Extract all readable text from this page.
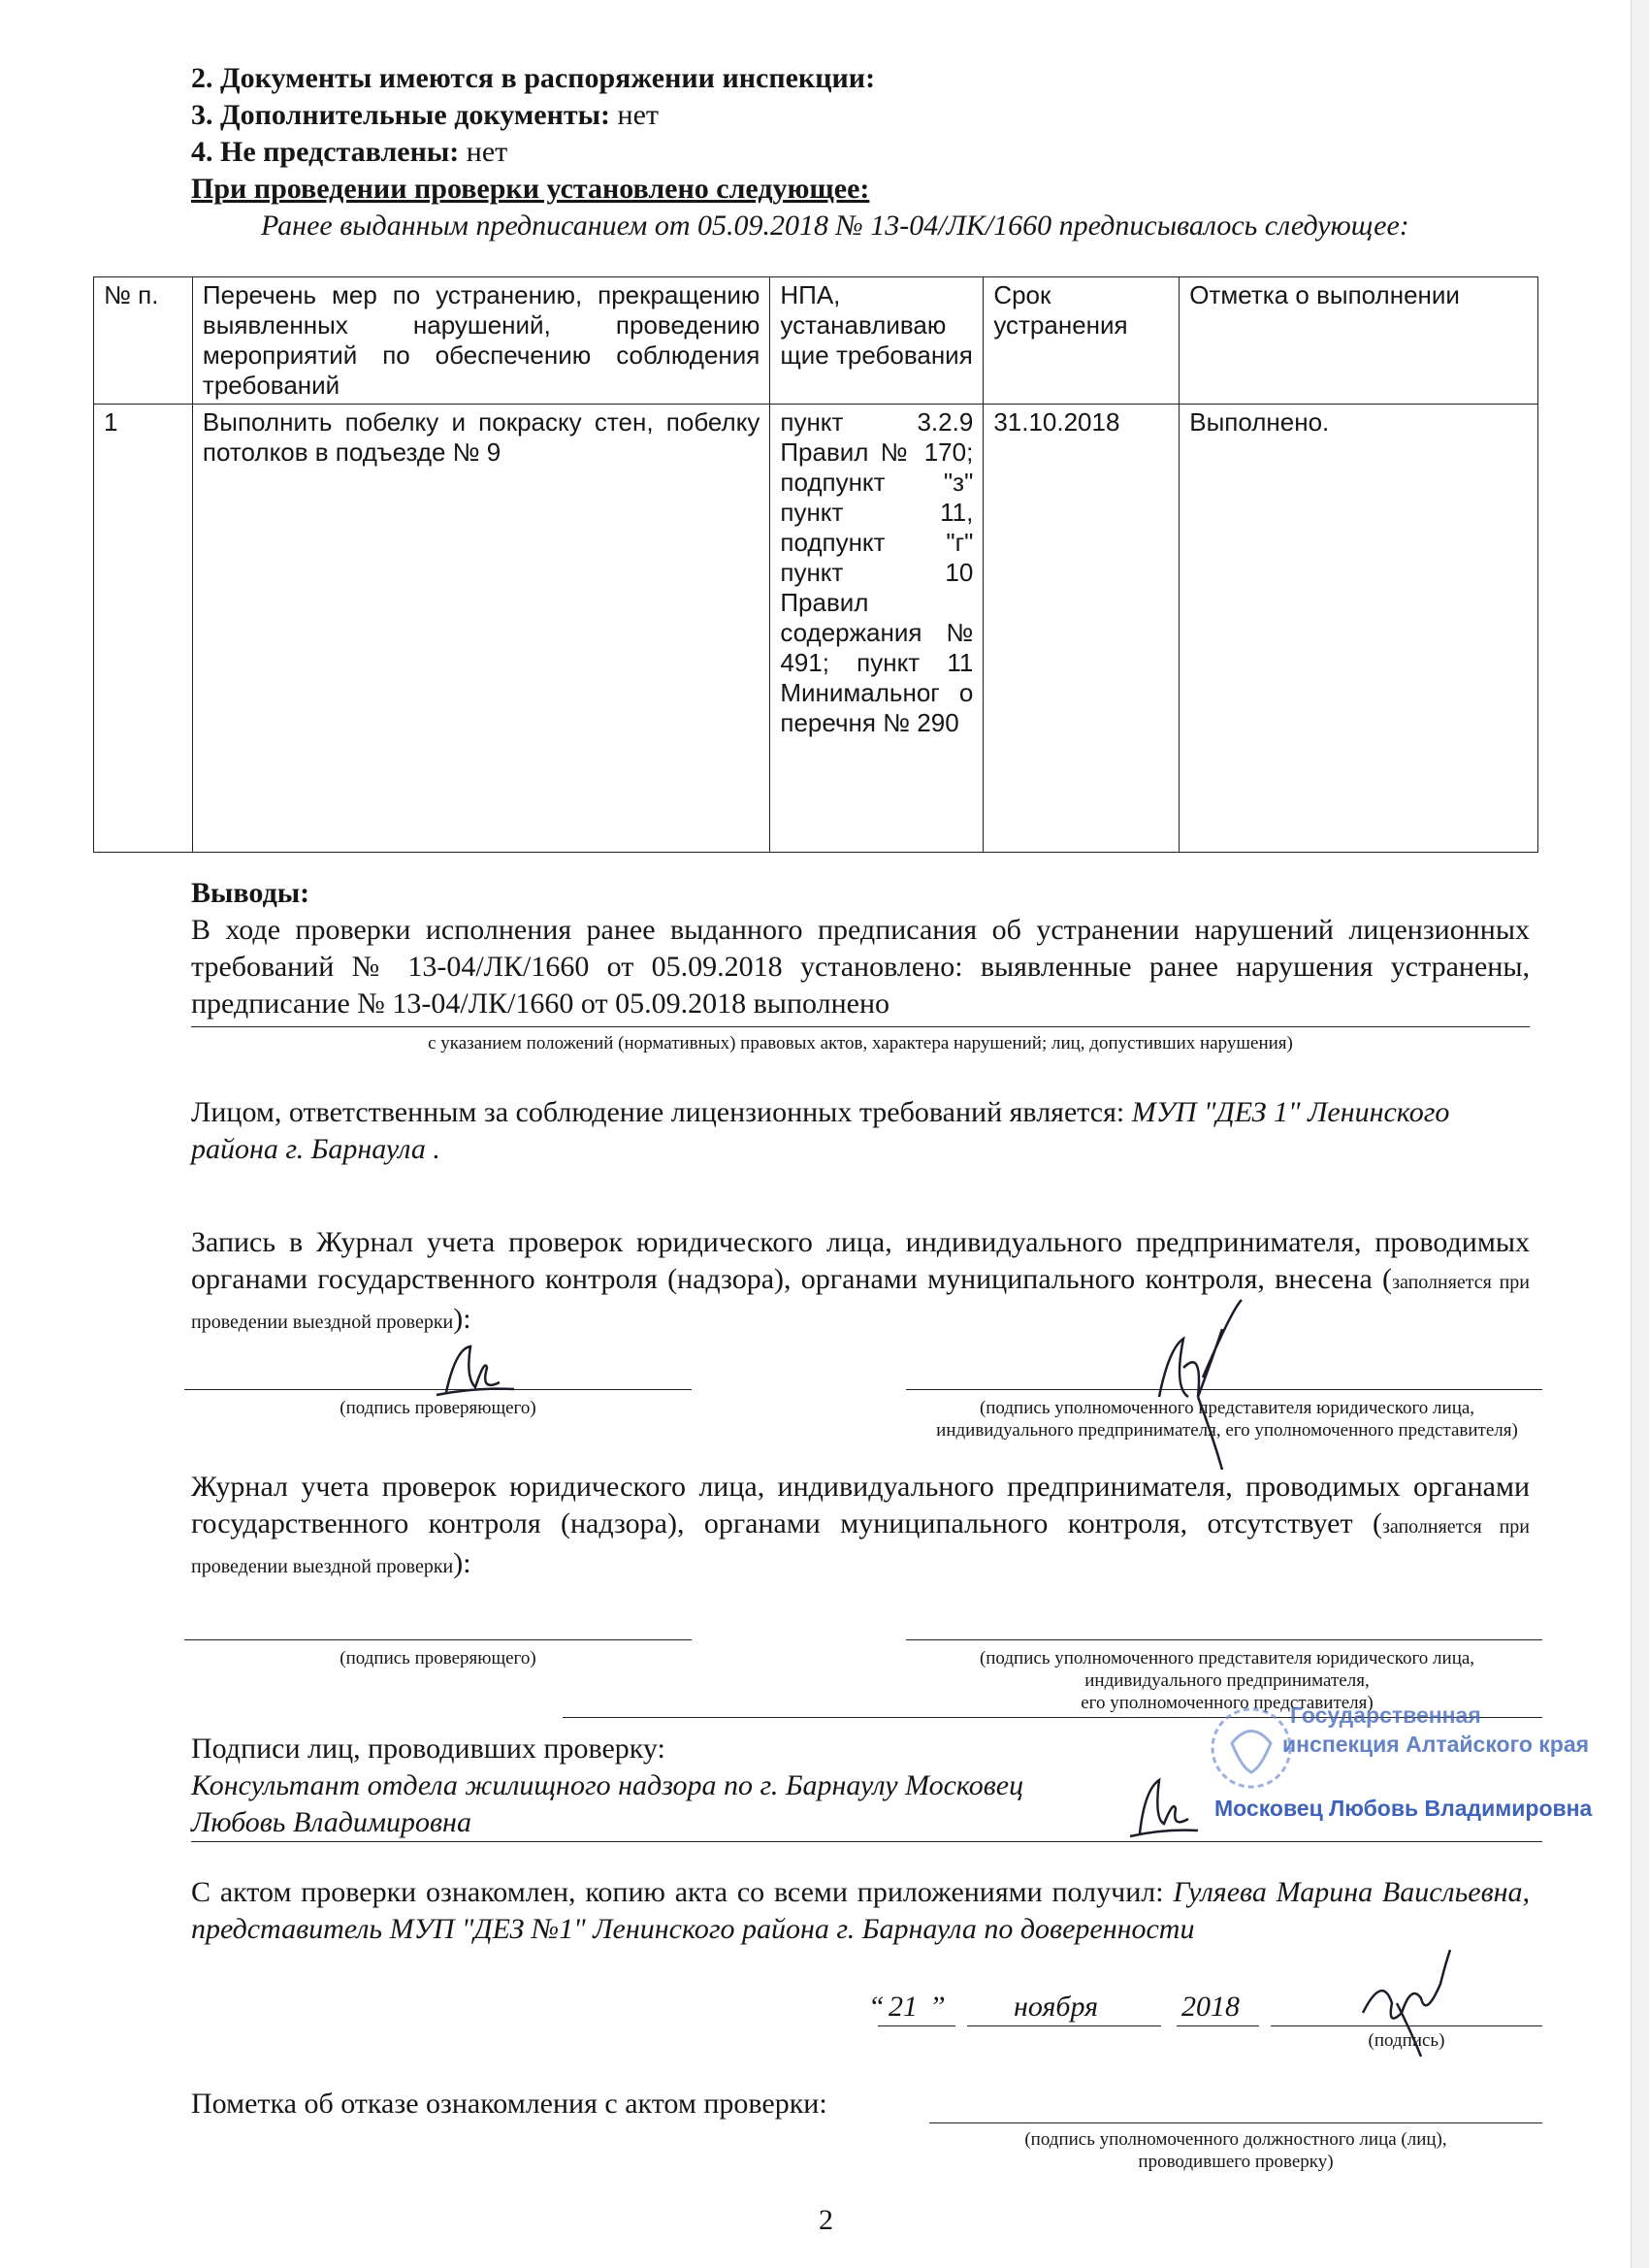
2. Документы имеются в распоряжении инспекции:
3. Дополнительные документы: нет
4. Не представлены: нет
При проведении проверки установлено следующее:
Ранее выданным предписанием от 05.09.2018 № 13-04/ЛК/1660 предписывалось следующее:
№ п.	Перечень мер по устранению, прекращению выявленных нарушений, проведению мероприятий по обеспечению соблюдения требований	НПА, устанавливаю щие требования	Срок устранения	Отметка о выполнении
1	Выполнить побелку и покраску стен, побелку потолков в подъезде № 9	пункт 3.2.9 Правил № 170; подпункт "з" пункт 11, подпункт "г" пункт 10 Правил содержания № 491; пункт 11 Минимальног о перечня № 290	31.10.2018	Выполнено.
Выводы:
В ходе проверки исполнения ранее выданного предписания об устранении нарушений лицензионных требований № 13-04/ЛК/1660 от 05.09.2018 установлено: выявленные ранее нарушения устранены, предписание № 13-04/ЛК/1660 от 05.09.2018 выполнено
с указанием положений (нормативных) правовых актов, характера нарушений; лиц, допустивших нарушения)
Лицом, ответственным за соблюдение лицензионных требований является: МУП "ДЕЗ 1" Ленинского района г. Барнаула .
Запись в Журнал учета проверок юридического лица, индивидуального предпринимателя, проводимых органами государственного контроля (надзора), органами муниципального контроля, внесена (заполняется при проведении выездной проверки):
(подпись проверяющего)	(подпись уполномоченного представителя юридического лица, индивидуального предпринимателя, его уполномоченного представителя)
Журнал учета проверок юридического лица, индивидуального предпринимателя, проводимых органами государственного контроля (надзора), органами муниципального контроля, отсутствует (заполняется при проведении выездной проверки):
(подпись проверяющего)	(подпись уполномоченного представителя юридического лица,
индивидуального предпринимателя,
его уполномоченного представителя)
Подписи лиц, проводивших проверку:
Консультант отдела жилищного надзора по г. Барнаулу Московец
Любовь Владимировна
Государственная
инспекция Алтайского края
Московец Любовь Владимировна
С актом проверки ознакомлен, копию акта со всеми приложениями получил: Гуляева Марина Ваисльевна, представитель МУП "ДЕЗ №1" Ленинского района г. Барнаула по доверенности
“ 21 ” ноября	2018
(подпись)
Пометка об отказе ознакомления с актом проверки:
(подпись уполномоченного должностного лица (лиц),
проводившего проверку)
2
